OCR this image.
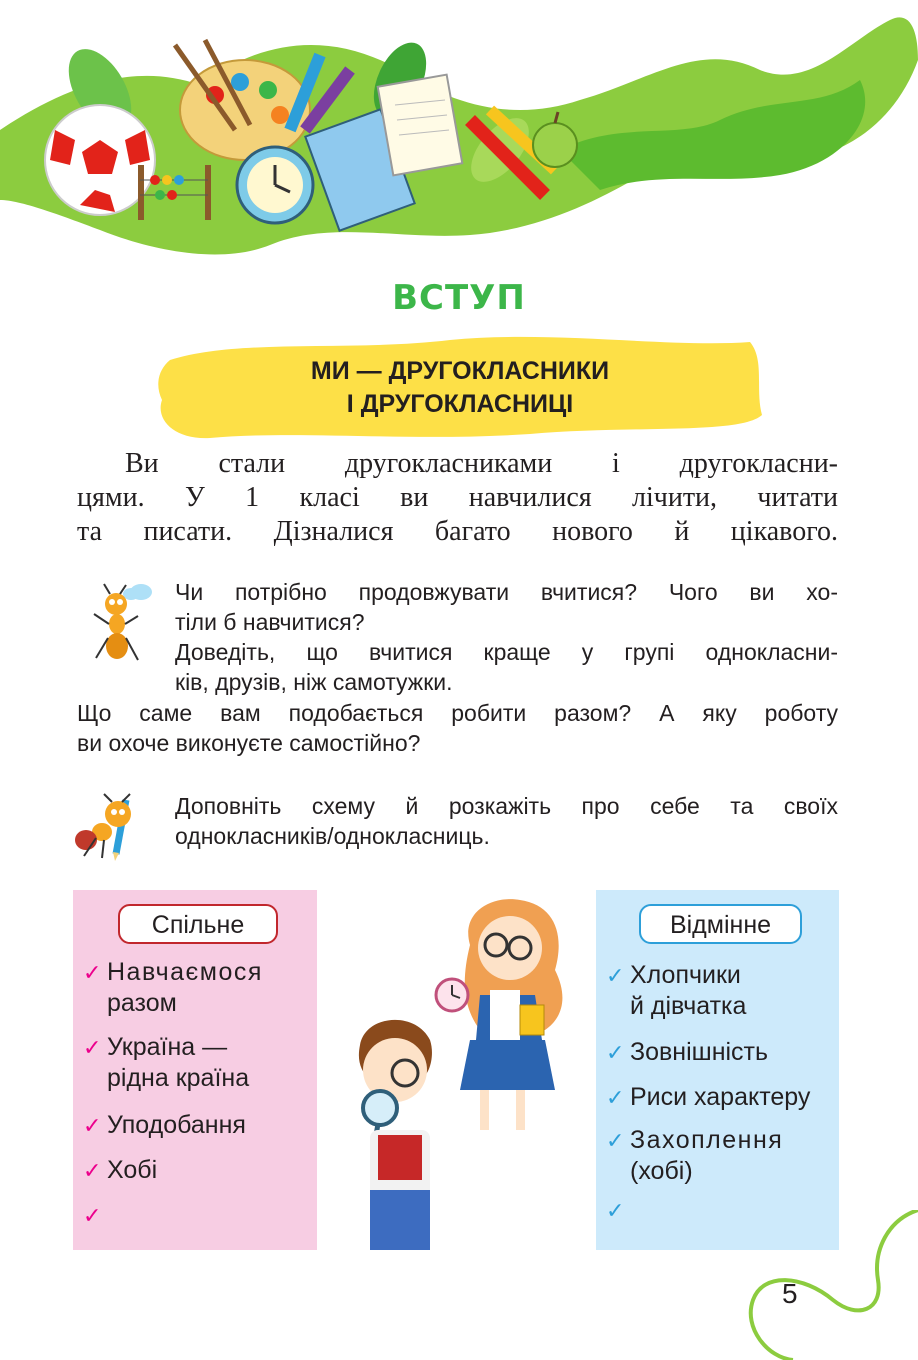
ВСТУП
МИ — ДРУГОКЛАСНИКИ
І ДРУГОКЛАСНИЦІ

Ви стали другокласниками і другокласни-

цями. У 1 класі ви навчилися лічити, читати

та писати. Дізналися багато нового й цікавого.

Чи потрібно продовжувати вчитися? Чого ви хо-

тіли б навчитися?

Доведіть, що вчитися краще у групі однокласни-

ків, друзів, ніж самотужки.

Що саме вам подобається робити разом? А яку роботу

ви охоче виконуєте самостійно?

Доповніть схему й розкажіть про себе та своїх

однокласників/однокласниць.

Спільне
✓ Навчаємося
разом
✓ Україна —
рідна країна
✓ Уподобання
✓ Хобі
✓
Відмінне
✓ Хлопчики
й дівчатка
✓ Зовнішність
✓ Риси характеру
✓ Захоплення
(хобі)
✓
5
